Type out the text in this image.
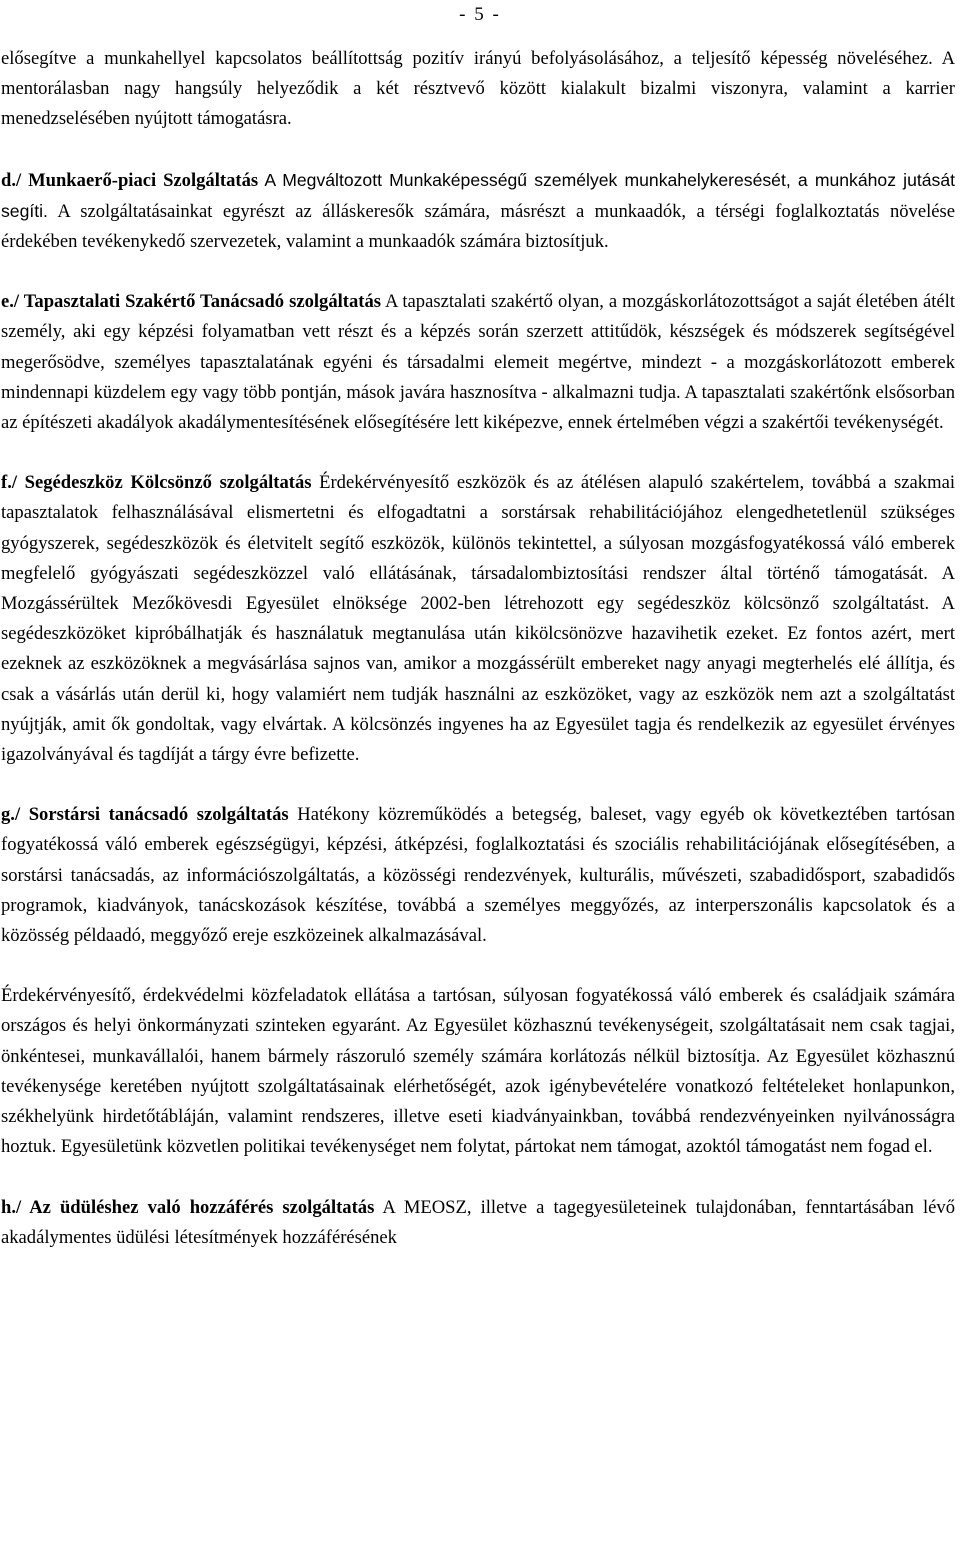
- 5 -

elősegítve a munkahellyel kapcsolatos beállítottság pozitív irányú befolyásolásához, a teljesítő képesség növeléséhez. A mentorálasban nagy hangsúly helyeződik a két résztvevő között kialakult bizalmi viszonyra, valamint a karrier menedzselésében nyújtott támogatásra.

d./ Munkaerő-piaci Szolgáltatás A Megváltozott Munkaképességű személyek munkahelykeresését, a munkához jutását segíti. A szolgáltatásainkat egyrészt az álláskeresők számára, másrészt a munkaadók, a térségi foglalkoztatás növelése érdekében tevékenykedő szervezetek, valamint a munkaadók számára biztosítjuk.

e./ Tapasztalati Szakértő Tanácsadó szolgáltatás A tapasztalati szakértő olyan, a mozgáskorlátozottságot a saját életében átélt személy, aki egy képzési folyamatban vett részt és a képzés során szerzett attitűdök, készségek és módszerek segítségével megerősödve, személyes tapasztalatának egyéni és társadalmi elemeit megértve, mindezt - a mozgáskorlátozott emberek mindennapi küzdelem egy vagy több pontján, mások javára hasznosítva - alkalmazni tudja. A tapasztalati szakértőnk elsősorban az építészeti akadályok akadálymentesítésének elősegítésére lett kiképezve, ennek értelmében végzi a szakértői tevékenységét.

f./ Segédeszköz Kölcsönző szolgáltatás Érdekérvényesítő eszközök és az átélésen alapuló szakértelem, továbbá a szakmai tapasztalatok felhasználásával elismertetni és elfogadtatni a sorstársak rehabilitációjához elengedhetetlenül szükséges gyógyszerek, segédeszközök és életvitelt segítő eszközök, különös tekintettel, a súlyosan mozgásfogyatékossá váló emberek megfelelő gyógyászati segédeszközzel való ellátásának, társadalombiztosítási rendszer által történő támogatását. A Mozgássérültek Mezőkövesdi Egyesület elnöksége 2002-ben létrehozott egy segédeszköz kölcsönző szolgáltatást. A segédeszközöket kipróbálhatják és használatuk megtanulása után kikölcsönözve hazavihetik ezeket. Ez fontos azért, mert ezeknek az eszközöknek a megvásárlása sajnos van, amikor a mozgássérült embereket nagy anyagi megterhelés elé állítja, és csak a vásárlás után derül ki, hogy valamiért nem tudják használni az eszközöket, vagy az eszközök nem azt a szolgáltatást nyújtják, amit ők gondoltak, vagy elvártak. A kölcsönzés ingyenes ha az Egyesület tagja és rendelkezik az egyesület érvényes igazolványával és tagdíját a tárgy évre befizette.

g./ Sorstársi tanácsadó szolgáltatás Hatékony közreműködés a betegség, baleset, vagy egyéb ok következtében tartósan fogyatékossá váló emberek egészségügyi, képzési, átképzési, foglalkoztatási és szociális rehabilitációjának elősegítésében, a sorstársi tanácsadás, az információszolgáltatás, a közösségi rendezvények, kulturális, művészeti, szabadidősport, szabadidős programok, kiadványok, tanácskozások készítése, továbbá a személyes meggyőzés, az interperszonális kapcsolatok és a közösség példaadó, meggyőző ereje eszközeinek alkalmazásával.

Érdekérvényesítő, érdekvédelmi közfeladatok ellátása a tartósan, súlyosan fogyatékossá váló emberek és családjaik számára országos és helyi önkormányzati szinteken egyaránt. Az Egyesület közhasznú tevékenységeit, szolgáltatásait nem csak tagjai, önkéntesei, munkavállalói, hanem bármely rászoruló személy számára korlátozás nélkül biztosítja. Az Egyesület közhasznú tevékenysége keretében nyújtott szolgáltatásainak elérhetőségét, azok igénybevételére vonatkozó feltételeket honlapunkon, székhelyünk hirdetőtábláján, valamint rendszeres, illetve eseti kiadványainkban, továbbá rendezvényeinken nyilvánosságra hoztuk. Egyesületünk közvetlen politikai tevékenységet nem folytat, pártokat nem támogat, azoktól támogatást nem fogad el.

h./ Az üdüléshez való hozzáférés szolgáltatás A MEOSZ, illetve a tagegyesületeinek tulajdonában, fenntartásában lévő akadálymentes üdülési létesítmények hozzáférésének
